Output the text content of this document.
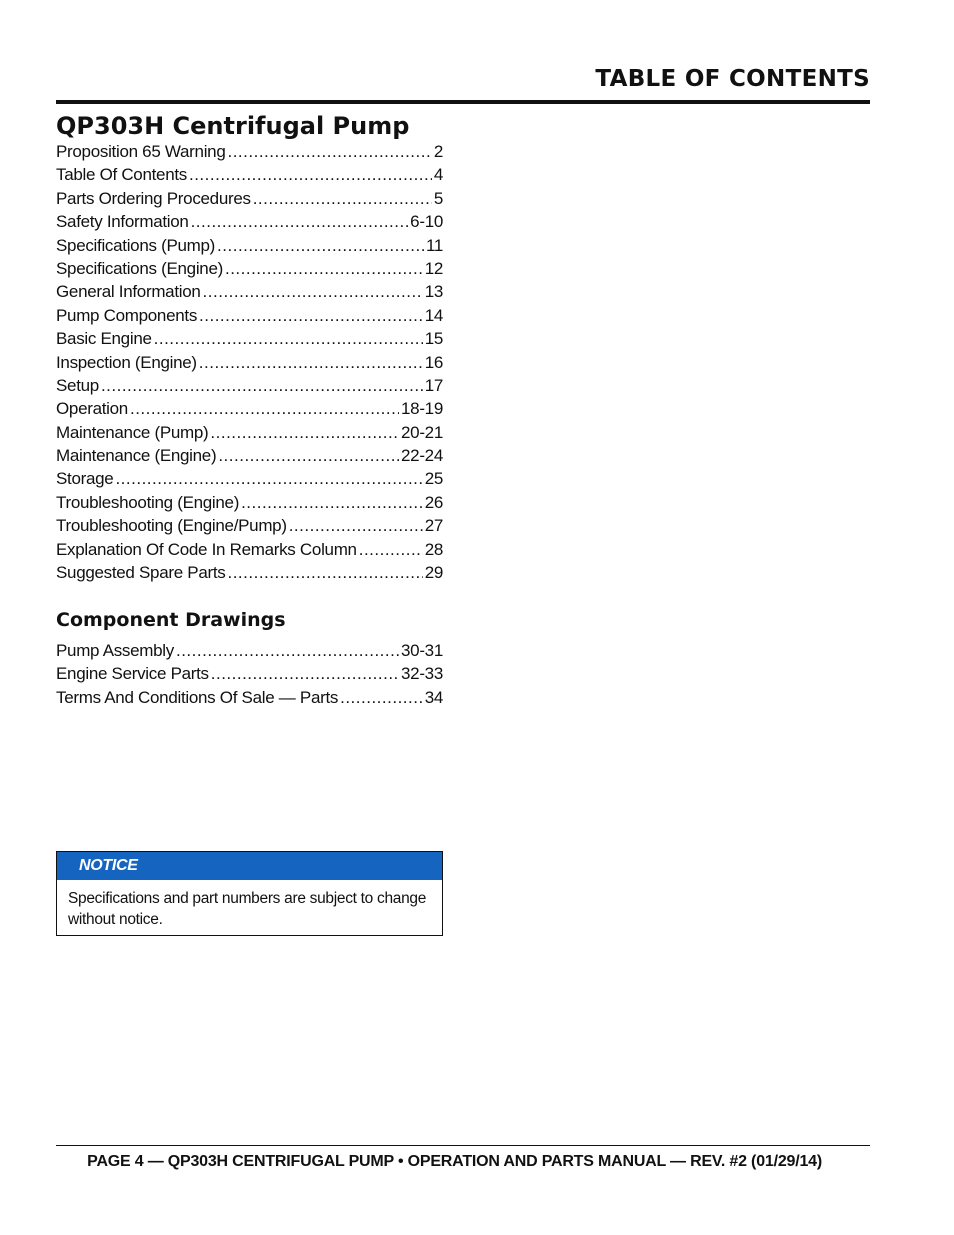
TABLE OF CONTENTS
QP303H Centrifugal Pump
Proposition 65 Warning .....	2
Table Of Contents .....	4
Parts Ordering Procedures .....	5
Safety Information .....	6-10
Specifications (Pump) .....	11
Specifications (Engine) .....	12
General Information .....	13
Pump Components .....	14
Basic Engine .....	15
Inspection (Engine) .....	16
Setup .....	17
Operation .....	18-19
Maintenance (Pump) .....	20-21
Maintenance (Engine) .....	22-24
Storage .....	25
Troubleshooting (Engine) .....	26
Troubleshooting (Engine/Pump) .....	27
Explanation Of Code In Remarks Column .....	28
Suggested Spare Parts .....	29
Component Drawings
Pump Assembly .....	30-31
Engine Service Parts .....	32-33
Terms And Conditions Of Sale — Parts .....	34
NOTICE
Specifications and part numbers are subject to change without notice.
PAGE 4 — QP303H CENTRIFUGAL PUMP • OPERATION AND PARTS MANUAL — REV. #2 (01/29/14)
